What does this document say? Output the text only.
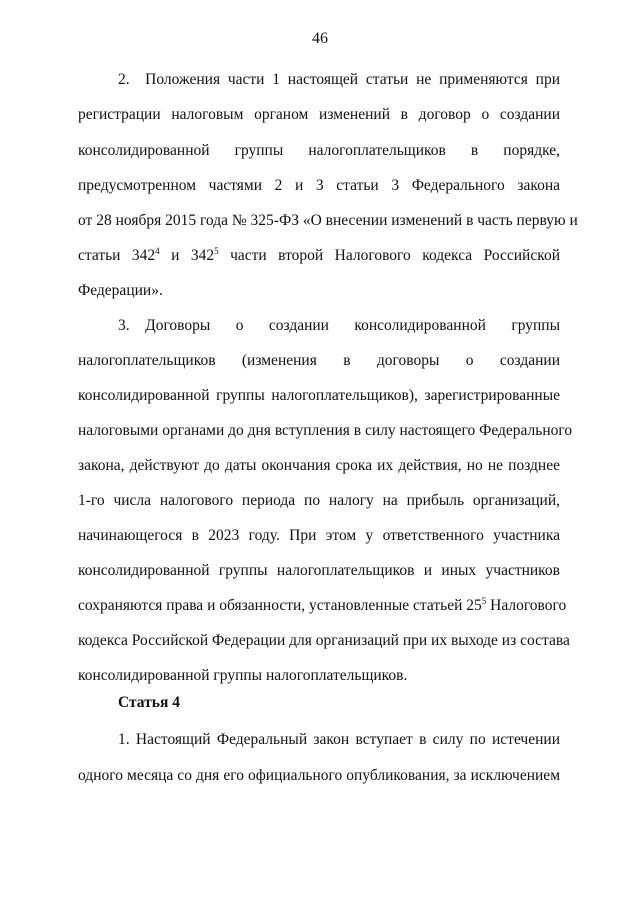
46
2. Положения части 1 настоящей статьи не применяются при
регистрации налоговым органом изменений в договор о создании
консолидированной группы налогоплательщиков в порядке,
предусмотренном частями 2 и 3 статьи 3 Федерального закона
от 28 ноября 2015 года № 325-ФЗ «О внесении изменений в часть первую и
статьи $342^4$ и $342^5$ части второй Налогового кодекса Российской
Федерации».
3. Договоры о создании консолидированной группы
налогоплательщиков (изменения в договоры о создании
консолидированной группы налогоплательщиков), зарегистрированные
налоговыми органами до дня вступления в силу настоящего Федерального
закона, действуют до даты окончания срока их действия, но не позднее
1-го числа налогового периода по налогу на прибыль организаций,
начинающегося в 2023 году. При этом у ответственного участника
консолидированной группы налогоплательщиков и иных участников
сохраняются права и обязанности, установленные статьей $25^5$ Налогового
кодекса Российской Федерации для организаций при их выходе из состава
консолидированной группы налогоплательщиков.
Статья 4
1. Настоящий Федеральный закон вступает в силу по истечении
одного месяца со дня его официального опубликования, за исключением
